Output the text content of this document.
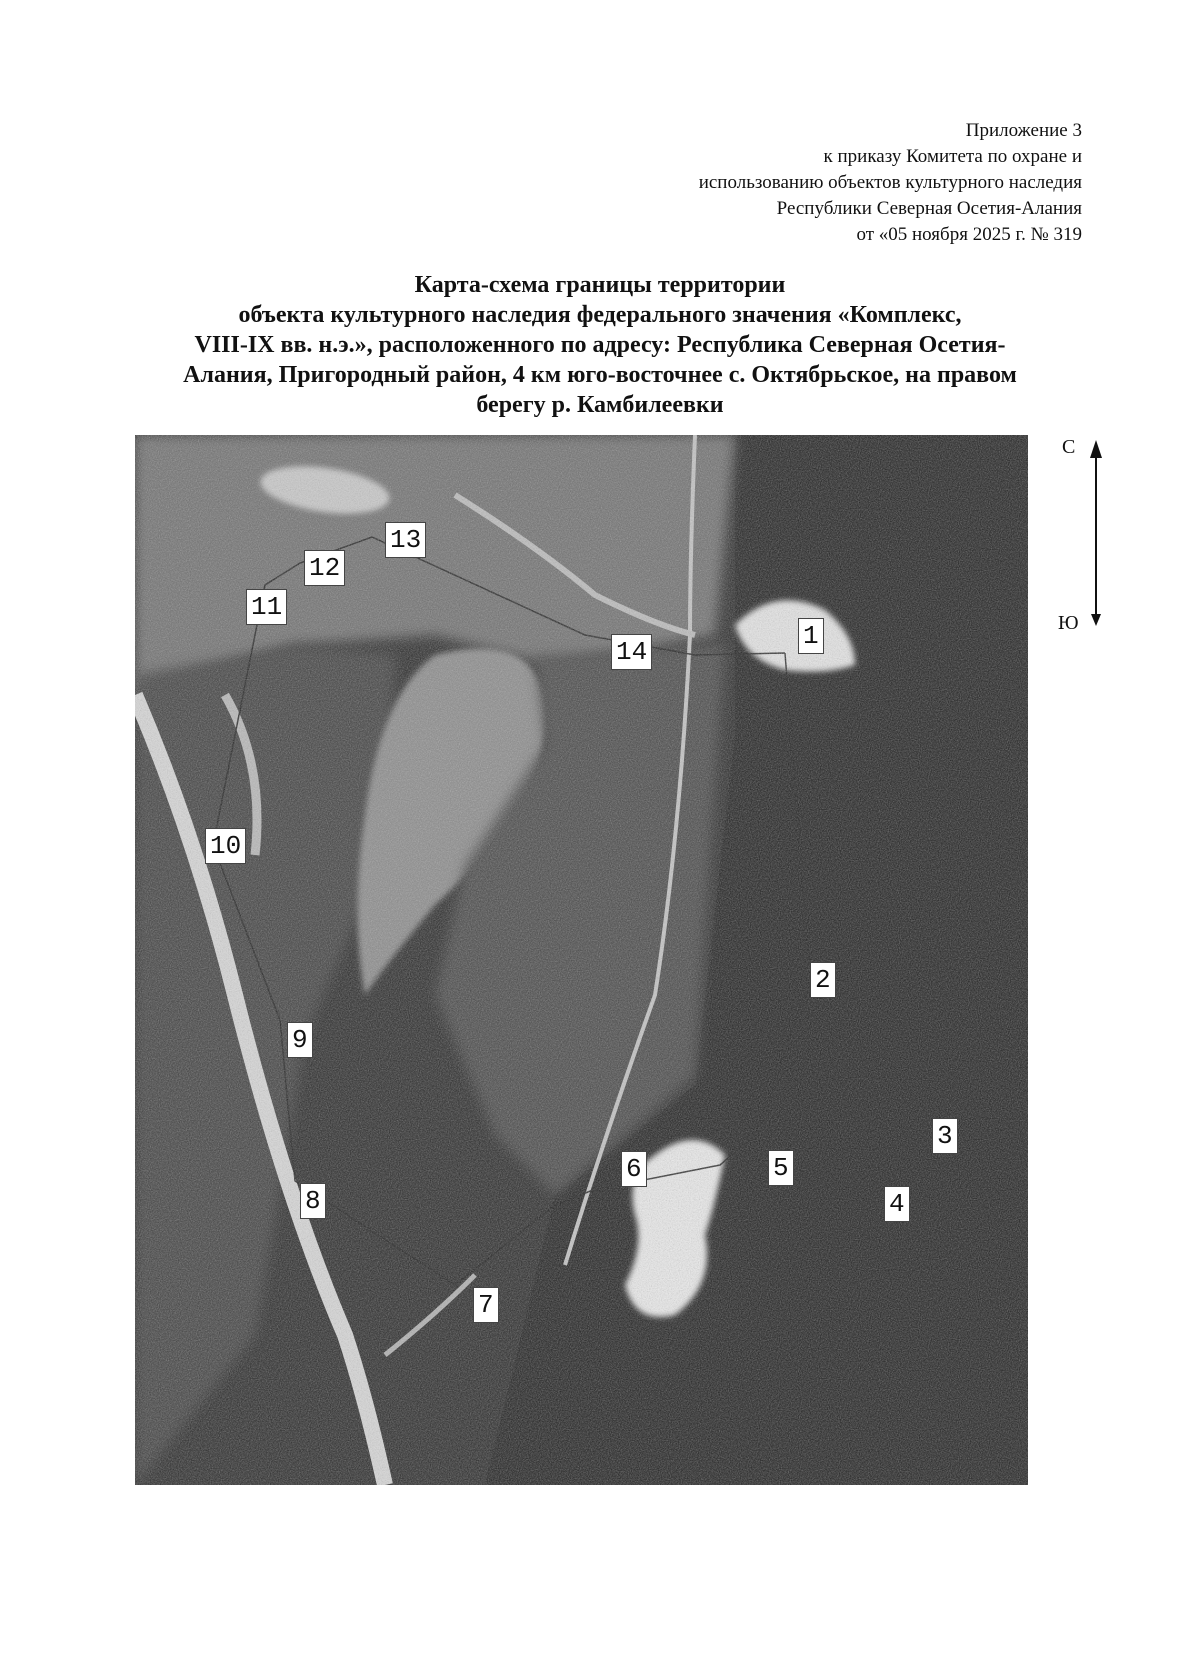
Приложение 3
к приказу Комитета по охране и
использованию объектов культурного наследия
Республики Северная Осетия-Алания
от «05 ноября 2025 г. № 319
Карта-схема границы территории
объекта культурного наследия федерального значения «Комплекс,
VIII-IX вв. н.э.», расположенного по адресу: Республика Северная Осетия-
Алания, Пригородный район, 4 км юго-восточнее с. Октябрьское, на правом
берегу р. Камбилеевки
1
2
3
4
5
6
7
8
9
10
11
12
13
14
С
Ю
